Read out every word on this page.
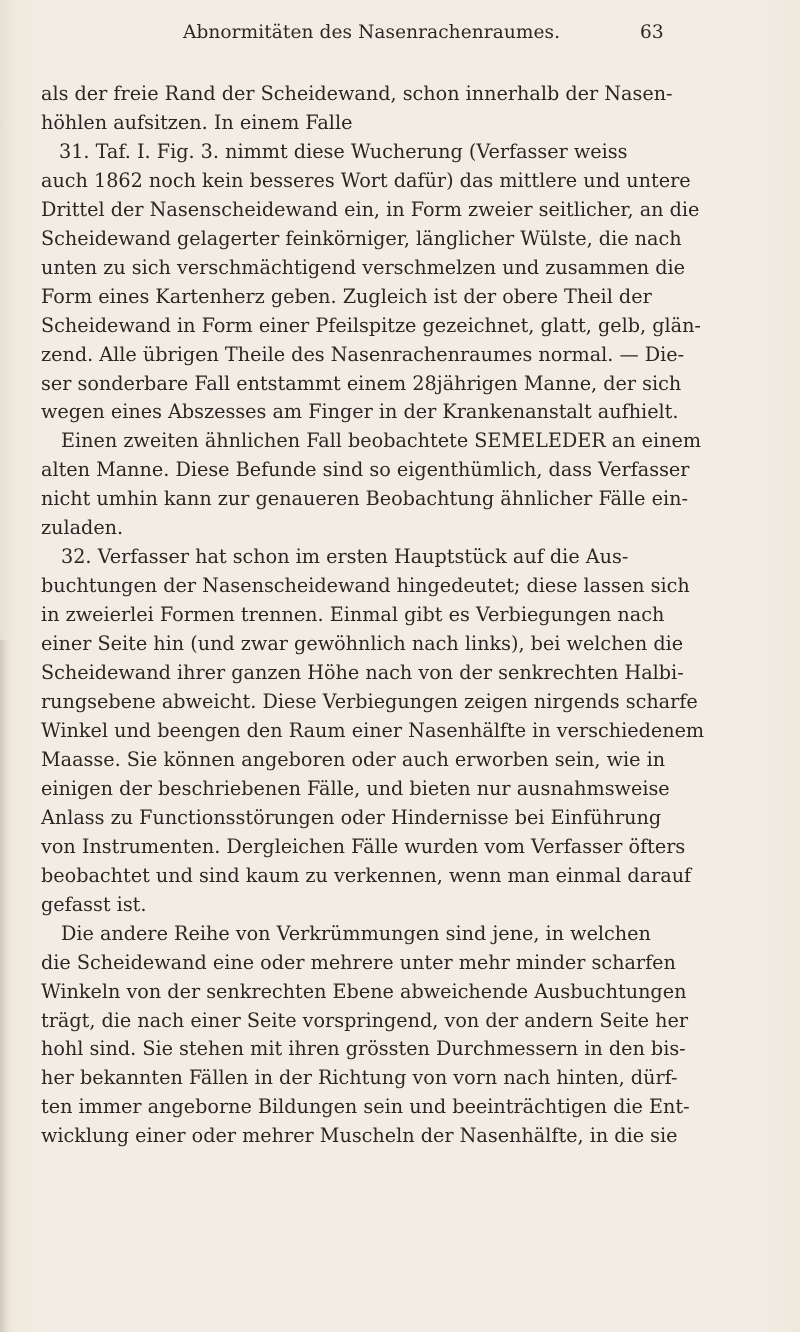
Abnormitäten des Nasenrachenraumes.	63
als der freie Rand der Scheidewand, schon innerhalb der Nasen-
höhlen aufsitzen. In einem Falle
31. Taf. I. Fig. 3. nimmt diese Wucherung (Verfasser weiss
auch 1862 noch kein besseres Wort dafür) das mittlere und untere
Drittel der Nasenscheidewand ein, in Form zweier seitlicher, an die
Scheidewand gelagerter feinkörniger, länglicher Wülste, die nach
unten zu sich verschmächtigend verschmelzen und zusammen die
Form eines Kartenherz geben. Zugleich ist der obere Theil der
Scheidewand in Form einer Pfeilspitze gezeichnet, glatt, gelb, glän-
zend. Alle übrigen Theile des Nasenrachenraumes normal. — Die-
ser sonderbare Fall entstammt einem 28jährigen Manne, der sich
wegen eines Abszesses am Finger in der Krankenanstalt aufhielt.
Einen zweiten ähnlichen Fall beobachtete SEMELEDER an einem
alten Manne. Diese Befunde sind so eigenthümlich, dass Verfasser
nicht umhin kann zur genaueren Beobachtung ähnlicher Fälle ein-
zuladen.
32. Verfasser hat schon im ersten Hauptstück auf die Aus-
buchtungen der Nasenscheidewand hingedeutet; diese lassen sich
in zweierlei Formen trennen. Einmal gibt es Verbiegungen nach
einer Seite hin (und zwar gewöhnlich nach links), bei welchen die
Scheidewand ihrer ganzen Höhe nach von der senkrechten Halbi-
rungsebene abweicht. Diese Verbiegungen zeigen nirgends scharfe
Winkel und beengen den Raum einer Nasenhälfte in verschiedenem
Maasse. Sie können angeboren oder auch erworben sein, wie in
einigen der beschriebenen Fälle, und bieten nur ausnahmsweise
Anlass zu Functionsstörungen oder Hindernisse bei Einführung
von Instrumenten. Dergleichen Fälle wurden vom Verfasser öfters
beobachtet und sind kaum zu verkennen, wenn man einmal darauf
gefasst ist.
Die andere Reihe von Verkrümmungen sind jene, in welchen
die Scheidewand eine oder mehrere unter mehr minder scharfen
Winkeln von der senkrechten Ebene abweichende Ausbuchtungen
trägt, die nach einer Seite vorspringend, von der andern Seite her
hohl sind. Sie stehen mit ihren grössten Durchmessern in den bis-
her bekannten Fällen in der Richtung von vorn nach hinten, dürf-
ten immer angeborne Bildungen sein und beeinträchtigen die Ent-
wicklung einer oder mehrer Muscheln der Nasenhälfte, in die sie
